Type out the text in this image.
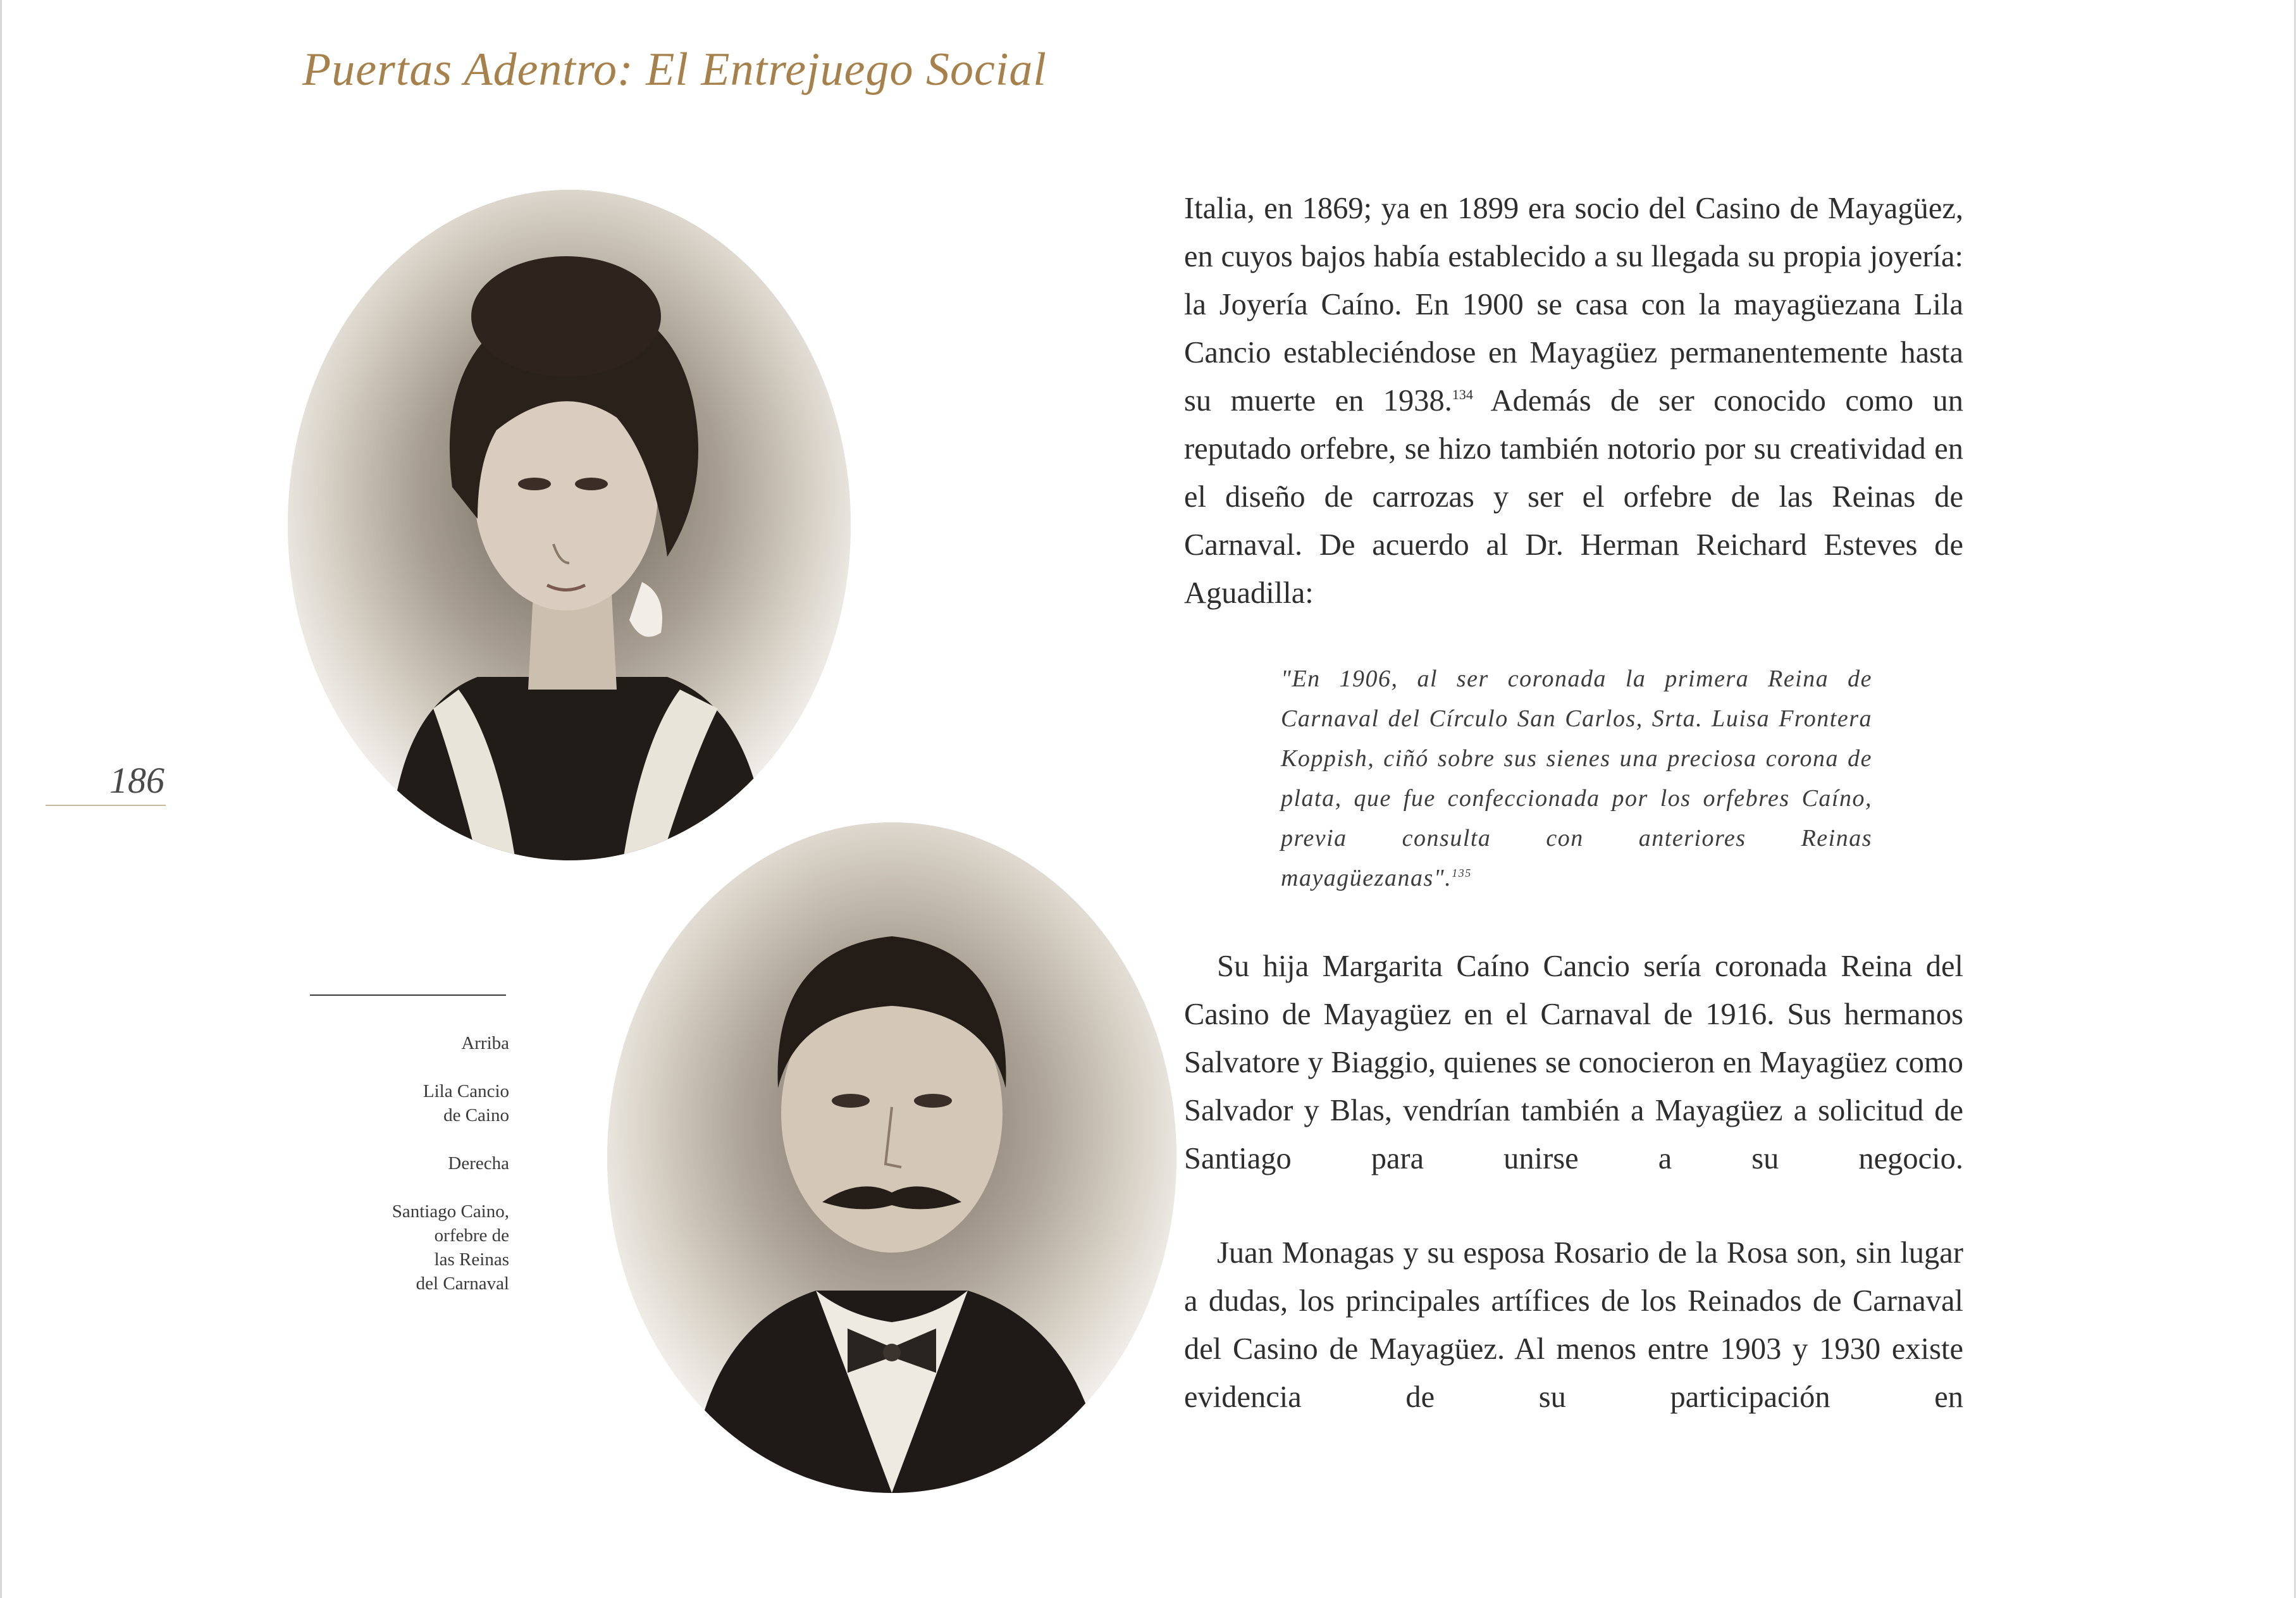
Puertas Adentro: El Entrejuego Social
186

Arriba

Lila Cancio

de Caino

Derecha

Santiago Caino,

orfebre de

las Reinas

del Carnaval

Italia, en 1869; ya en 1899 era socio del Casino de Mayagüez, en cuyos bajos había establecido a su llegada su propia joyería: la Joyería Caíno. En 1900 se casa con la mayagüezana Lila Cancio estableciéndose en Mayagüez permanentemente hasta su muerte en 1938.$^{134}$ Además de ser conocido como un reputado orfebre, se hizo también notorio por su creatividad en el diseño de carrozas y ser el orfebre de las Reinas de Carnaval. De acuerdo al Dr. Herman Reichard Esteves de Aguadilla:

"En 1906, al ser coronada la primera Reina de Carnaval del Círculo San Carlos, Srta. Luisa Frontera Koppish, ciñó sobre sus sienes una preciosa corona de plata, que fue confeccionada por los orfebres Caíno, previa consulta con anteriores Reinas mayagüezanas".$^{135}$

Su hija Margarita Caíno Cancio sería coronada Reina del Casino de Mayagüez en el Carnaval de 1916. Sus hermanos Salvatore y Biaggio, quienes se conocieron en Mayagüez como Salvador y Blas, vendrían también a Mayagüez a solicitud de Santiago para unirse a su negocio.

Juan Monagas y su esposa Rosario de la Rosa son, sin lugar a dudas, los principales artífices de los Reinados de Carnaval del Casino de Mayagüez. Al menos entre 1903 y 1930 existe evidencia de su participación en
